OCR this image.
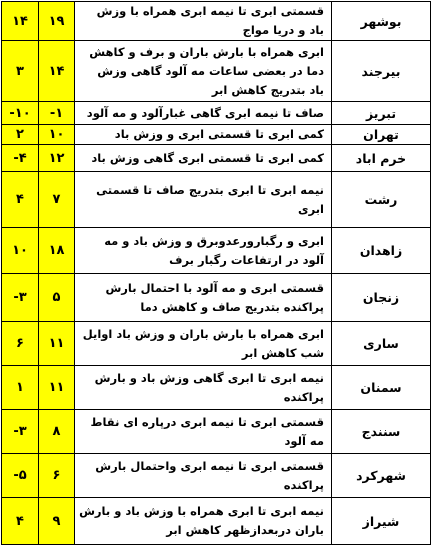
۱۴	۱۹	قسمتی ابری تا نیمه ابری همراه با وزش باد و دریا مواج	بوشهر
۳	۱۴	ابری همراه با بارش باران و برف و کاهش دما در بعضی ساعات مه آلود گاهی وزش باد بتدریج کاهش ابر	بیرجند
-۱۰	-۱	صاف تا نیمه ابری گاهی غبارآلود و مه آلود	تبریز
۲	۱۰	کمی ابری تا قسمتی ابری و وزش باد	تهران
-۴	۱۲	کمی ابری تا قسمتی ابری گاهی وزش باد	خرم اباد
۴	۷	نیمه ابری تا ابری بتدریج صاف تا قسمتی ابری	رشت
۱۰	۱۸	ابری و رگبارورعدوبرق و وزش باد و مه آلود در ارتفاعات رگبار برف	زاهدان
-۳	۵	قسمتی ابری و مه آلود با احتمال بارش پراکنده بتدریج صاف و کاهش دما	زنجان
۶	۱۱	ابری همراه با بارش باران و وزش باد اوایل شب کاهش ابر	ساری
۱	۱۱	نیمه ابری تا ابری گاهی وزش باد و بارش پراکنده	سمنان
-۳	۸	قسمتی ابری تا نیمه ابری درپاره ای نقاط مه آلود	سنندج
-۵	۶	قسمتی ابری تا نیمه ابری واحتمال بارش پراکنده	شهرکرد
۴	۹	نیمه ابری تا ابری همراه با وزش باد و بارش باران دربعدازظهر کاهش ابر	شیراز
